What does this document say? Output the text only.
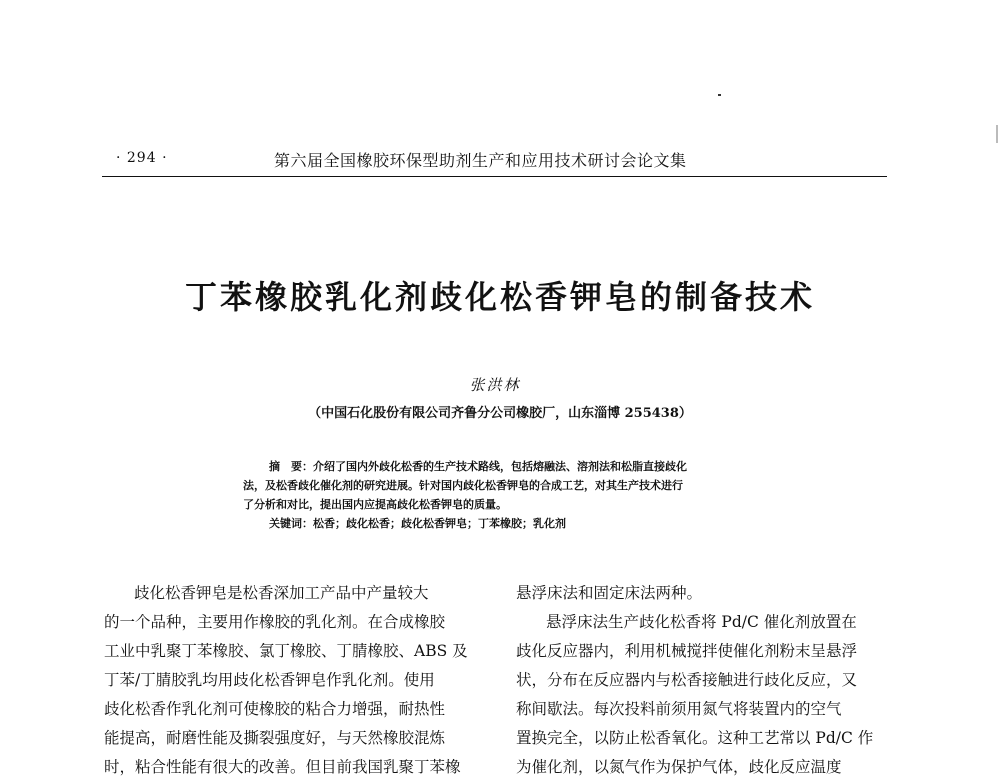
· 294 ·	第六届全国橡胶环保型助剂生产和应用技术研讨会论文集
丁苯橡胶乳化剂歧化松香钾皂的制备技术
张洪林
（中国石化股份有限公司齐鲁分公司橡胶厂，山东淄博 255438）
摘　要：介绍了国内外歧化松香的生产技术路线，包括熔融法、溶剂法和松脂直接歧化
法，及松香歧化催化剂的研究进展。针对国内歧化松香钾皂的合成工艺，对其生产技术进行
了分析和对比，提出国内应提高歧化松香钾皂的质量。
关键词：松香；歧化松香；歧化松香钾皂；丁苯橡胶；乳化剂
歧化松香钾皂是松香深加工产品中产量较大
的一个品种，主要用作橡胶的乳化剂。在合成橡胶
工业中乳聚丁苯橡胶、氯丁橡胶、丁腈橡胶、ABS 及
丁苯/丁腈胶乳均用歧化松香钾皂作乳化剂。使用
歧化松香作乳化剂可使橡胶的粘合力增强，耐热性
能提高，耐磨性能及撕裂强度好，与天然橡胶混炼
时，粘合性能有很大的改善。但目前我国乳聚丁苯橡
悬浮床法和固定床法两种。
悬浮床法生产歧化松香将 Pd/C 催化剂放置在
歧化反应器内，利用机械搅拌使催化剂粉末呈悬浮
状，分布在反应器内与松香接触进行歧化反应，又
称间歇法。每次投料前须用氮气将装置内的空气
置换完全，以防止松香氧化。这种工艺常以 Pd/C 作
为催化剂，以氮气作为保护气体，歧化反应温度
